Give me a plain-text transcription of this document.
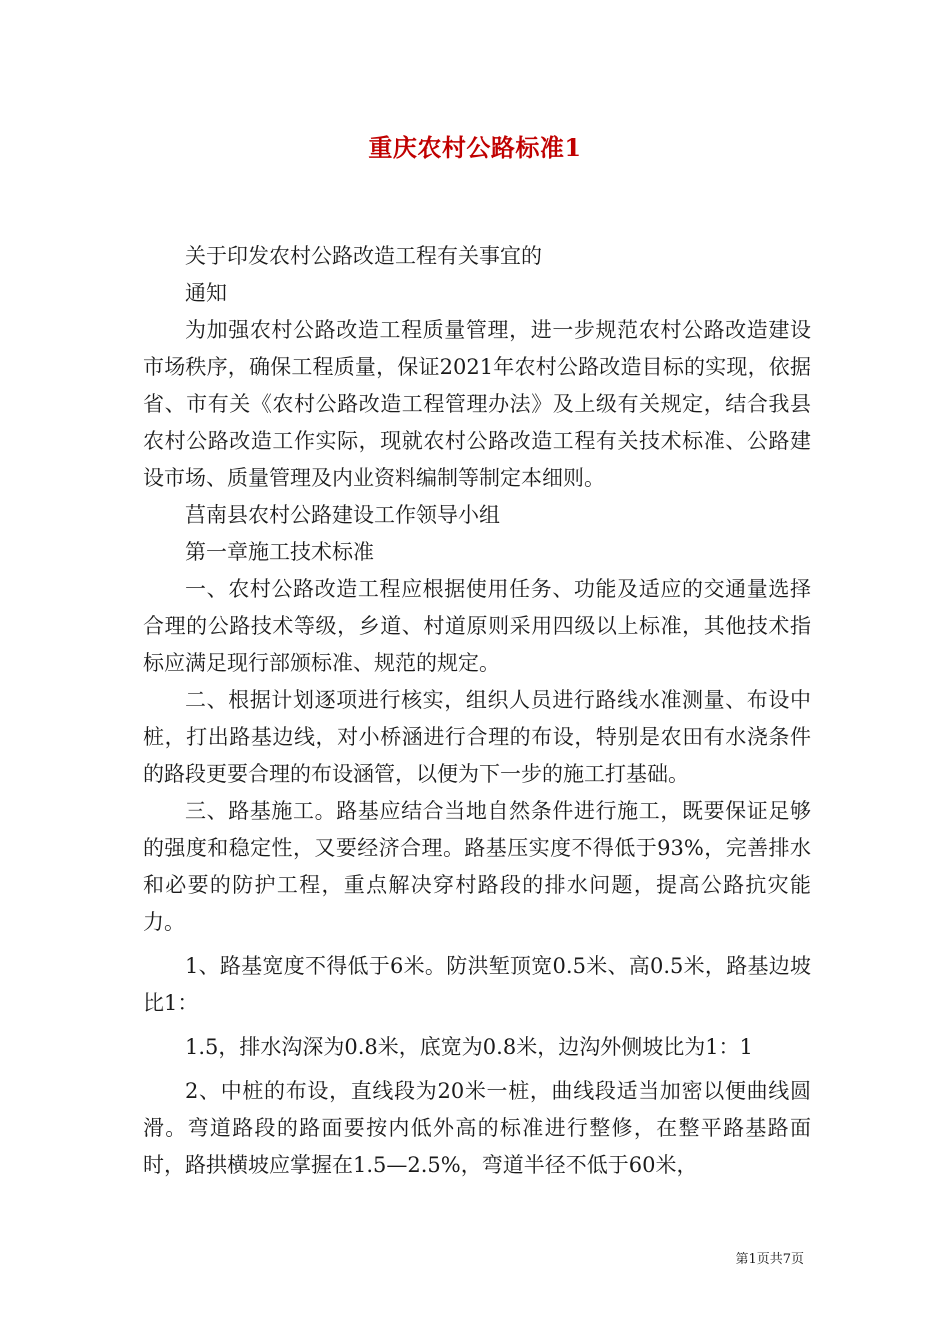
重庆农村公路标准1

关于印发农村公路改造工程有关事宜的

通知

为加强农村公路改造工程质量管理，进一步规范农村公路改造建设市场秩序，确保工程质量，保证2021年农村公路改造目标的实现，依据省、市有关《农村公路改造工程管理办法》及上级有关规定，结合我县农村公路改造工作实际，现就农村公路改造工程有关技术标准、公路建设市场、质量管理及内业资料编制等制定本细则。

莒南县农村公路建设工作领导小组

第一章施工技术标准

一、农村公路改造工程应根据使用任务、功能及适应的交通量选择合理的公路技术等级，乡道、村道原则采用四级以上标准，其他技术指标应满足现行部颁标准、规范的规定。

二、根据计划逐项进行核实，组织人员进行路线水准测量、布设中桩，打出路基边线，对小桥涵进行合理的布设，特别是农田有水浇条件的路段更要合理的布设涵管，以便为下一步的施工打基础。

三、路基施工。路基应结合当地自然条件进行施工，既要保证足够的强度和稳定性，又要经济合理。路基压实度不得低于93%，完善排水和必要的防护工程，重点解决穿村路段的排水问题，提高公路抗灾能力。

1、路基宽度不得低于6米。防洪堑顶宽0.5米、高0.5米，路基边坡比1：

1.5，排水沟深为0.8米，底宽为0.8米，边沟外侧坡比为1：1

2、中桩的布设，直线段为20米一桩，曲线段适当加密以便曲线圆滑。弯道路段的路面要按内低外高的标准进行整修，在整平路基路面时，路拱横坡应掌握在1.5—2.5%，弯道半径不低于60米，

第1页共7页
